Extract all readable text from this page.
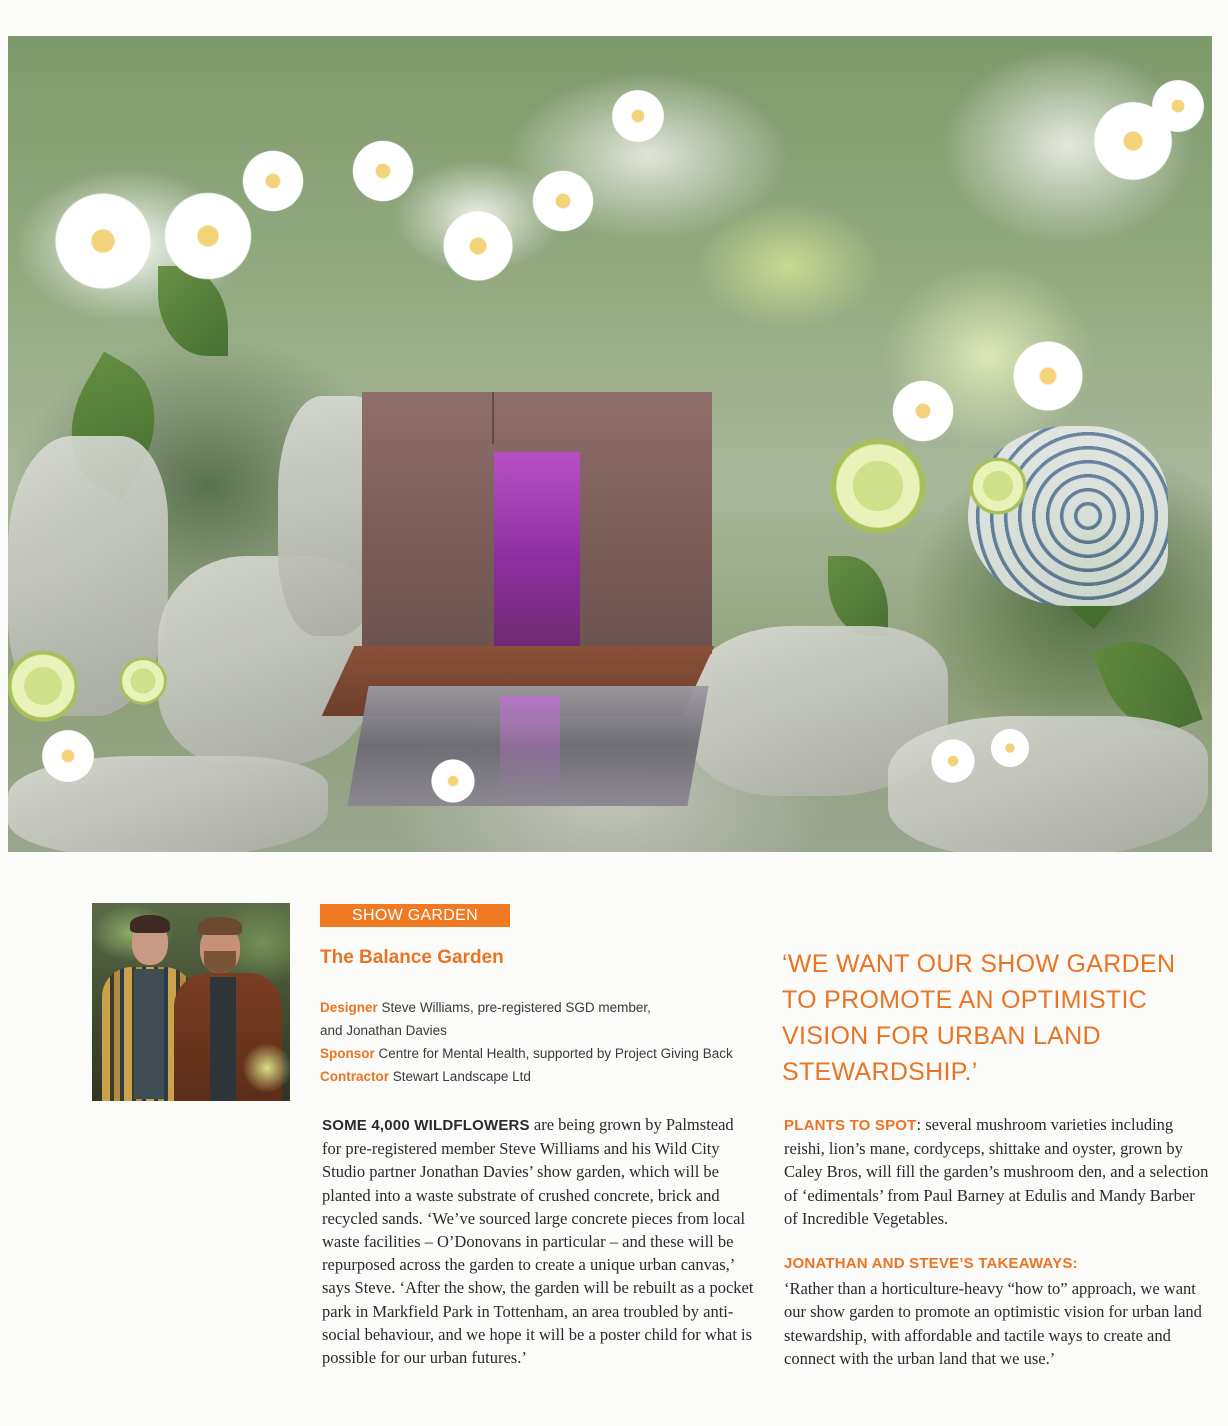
SHOW GARDEN
The Balance Garden
Designer Steve Williams, pre-registered SGD member,
and Jonathan Davies
Sponsor Centre for Mental Health, supported by Project Giving Back
Contractor Stewart Landscape Ltd
‘WE WANT OUR SHOW GARDEN TO PROMOTE AN OPTIMISTIC VISION FOR URBAN LAND STEWARDSHIP.’
SOME 4,000 WILDFLOWERS are being grown by Palmstead for pre-registered member Steve Williams and his Wild City Studio partner Jonathan Davies’ show garden, which will be planted into a waste substrate of crushed concrete, brick and recycled sands. ‘We’ve sourced large concrete pieces from local waste facilities – O’Donovans in particular – and these will be repurposed across the garden to create a unique urban canvas,’ says Steve. ‘After the show, the garden will be rebuilt as a pocket park in Markfield Park in Tottenham, an area troubled by anti-social behaviour, and we hope it will be a poster child for what is possible for our urban futures.’
PLANTS TO SPOT: several mushroom varieties including reishi, lion’s mane, cordyceps, shittake and oyster, grown by Caley Bros, will fill the garden’s mushroom den, and a selection of ‘edimentals’ from Paul Barney at Edulis and Mandy Barber of Incredible Vegetables.
JONATHAN AND STEVE’S TAKEAWAYS:
‘Rather than a horticulture-heavy “how to” approach, we want our show garden to promote an optimistic vision for urban land stewardship, with affordable and tactile ways to create and connect with the urban land that we use.’
